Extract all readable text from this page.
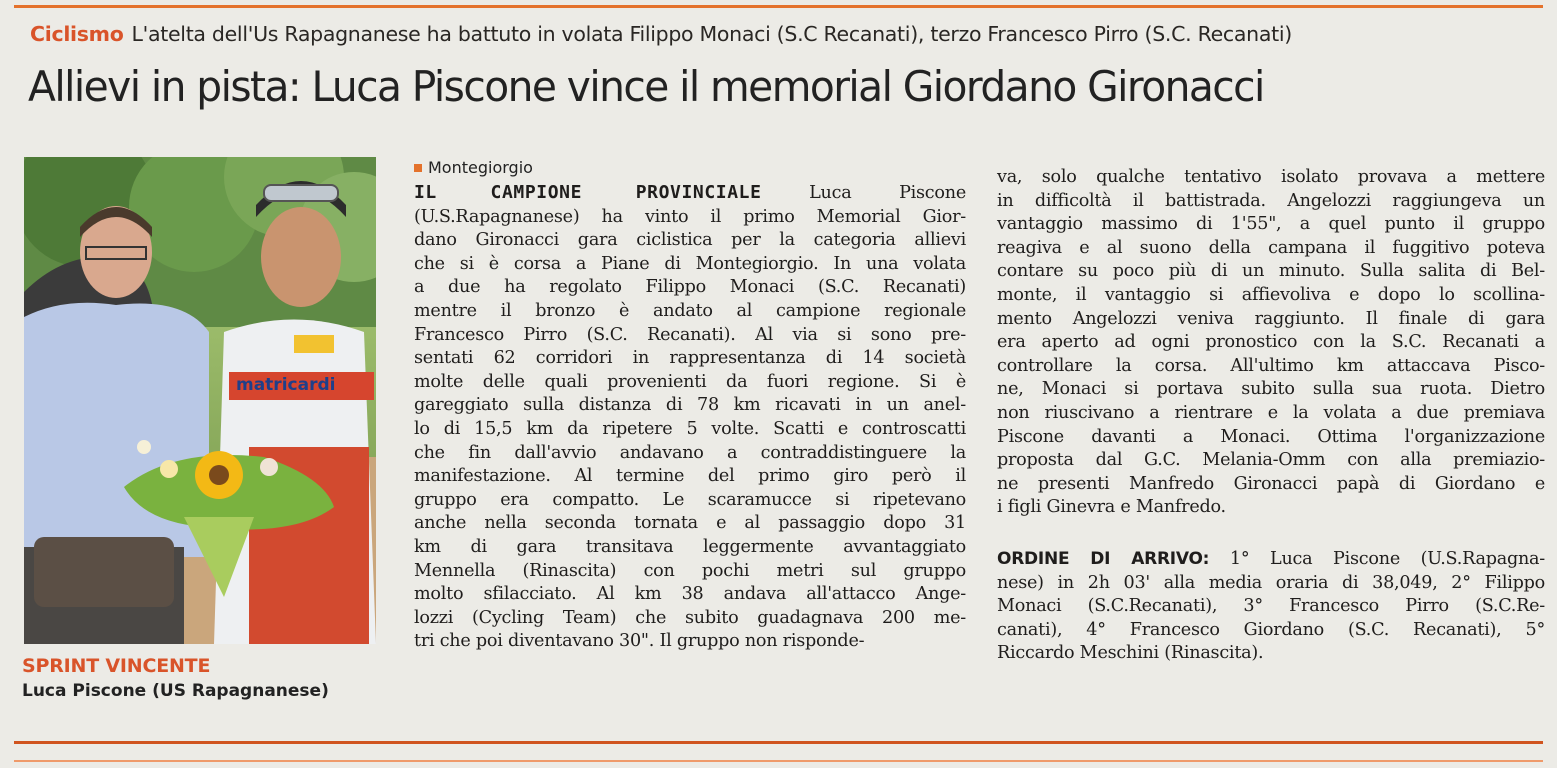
Ciclismo L'atelta dell'Us Rapagnanese ha battuto in volata Filippo Monaci (S.C Recanati), terzo Francesco Pirro (S.C. Recanati)
Allievi in pista: Luca Piscone vince il memorial Giordano Gironacci
matricardi
SPRINT VINCENTE
Luca Piscone (US Rapagnanese)
Montegiorgio
IL CAMPIONE PROVINCIALE	Luca Piscone
(U.S.Rapagnanese) ha vinto il primo Memorial Gior-
dano Gironacci gara ciclistica per la categoria allievi
che si è corsa a Piane di Montegiorgio. In una volata
a due ha regolato Filippo Monaci (S.C. Recanati)
mentre il bronzo è andato al campione regionale
Francesco Pirro (S.C. Recanati). Al via si sono pre-
sentati 62 corridori in rappresentanza di 14 società
molte delle quali provenienti da fuori regione. Si è
gareggiato sulla distanza di 78 km ricavati in un anel-
lo di 15,5 km da ripetere 5 volte. Scatti e controscatti
che fin dall'avvio andavano a contraddistinguere la
manifestazione. Al termine del primo giro però il
gruppo era compatto. Le scaramucce si ripetevano
anche nella seconda tornata e al passaggio dopo 31
km di gara transitava leggermente avvantaggiato
Mennella (Rinascita) con pochi metri sul gruppo
molto sfilacciato. Al km 38 andava all'attacco Ange-
lozzi (Cycling Team) che subito guadagnava 200 me-
tri che poi diventavano 30". Il gruppo non risponde-
va, solo qualche tentativo isolato provava a mettere
in difficoltà il battistrada. Angelozzi raggiungeva un
vantaggio massimo di 1'55", a quel punto il gruppo
reagiva e al suono della campana il fuggitivo poteva
contare su poco più di un minuto. Sulla salita di Bel-
monte, il vantaggio si affievoliva e dopo lo scollina-
mento Angelozzi veniva raggiunto. Il finale di gara
era aperto ad ogni pronostico con la S.C. Recanati a
controllare la corsa. All'ultimo km attaccava Pisco-
ne, Monaci si portava subito sulla sua ruota. Dietro
non riuscivano a rientrare e la volata a due premiava
Piscone davanti a Monaci. Ottima l'organizzazione
proposta dal G.C. Melania-Omm con alla premiazio-
ne presenti Manfredo Gironacci papà di Giordano e
i figli Ginevra e Manfredo.
ORDINE DI ARRIVO: 1° Luca Piscone (U.S.Rapagna-
nese) in 2h 03' alla media oraria di 38,049, 2° Filippo
Monaci (S.C.Recanati), 3° Francesco Pirro (S.C.Re-
canati), 4° Francesco Giordano (S.C. Recanati), 5°
Riccardo Meschini (Rinascita).
